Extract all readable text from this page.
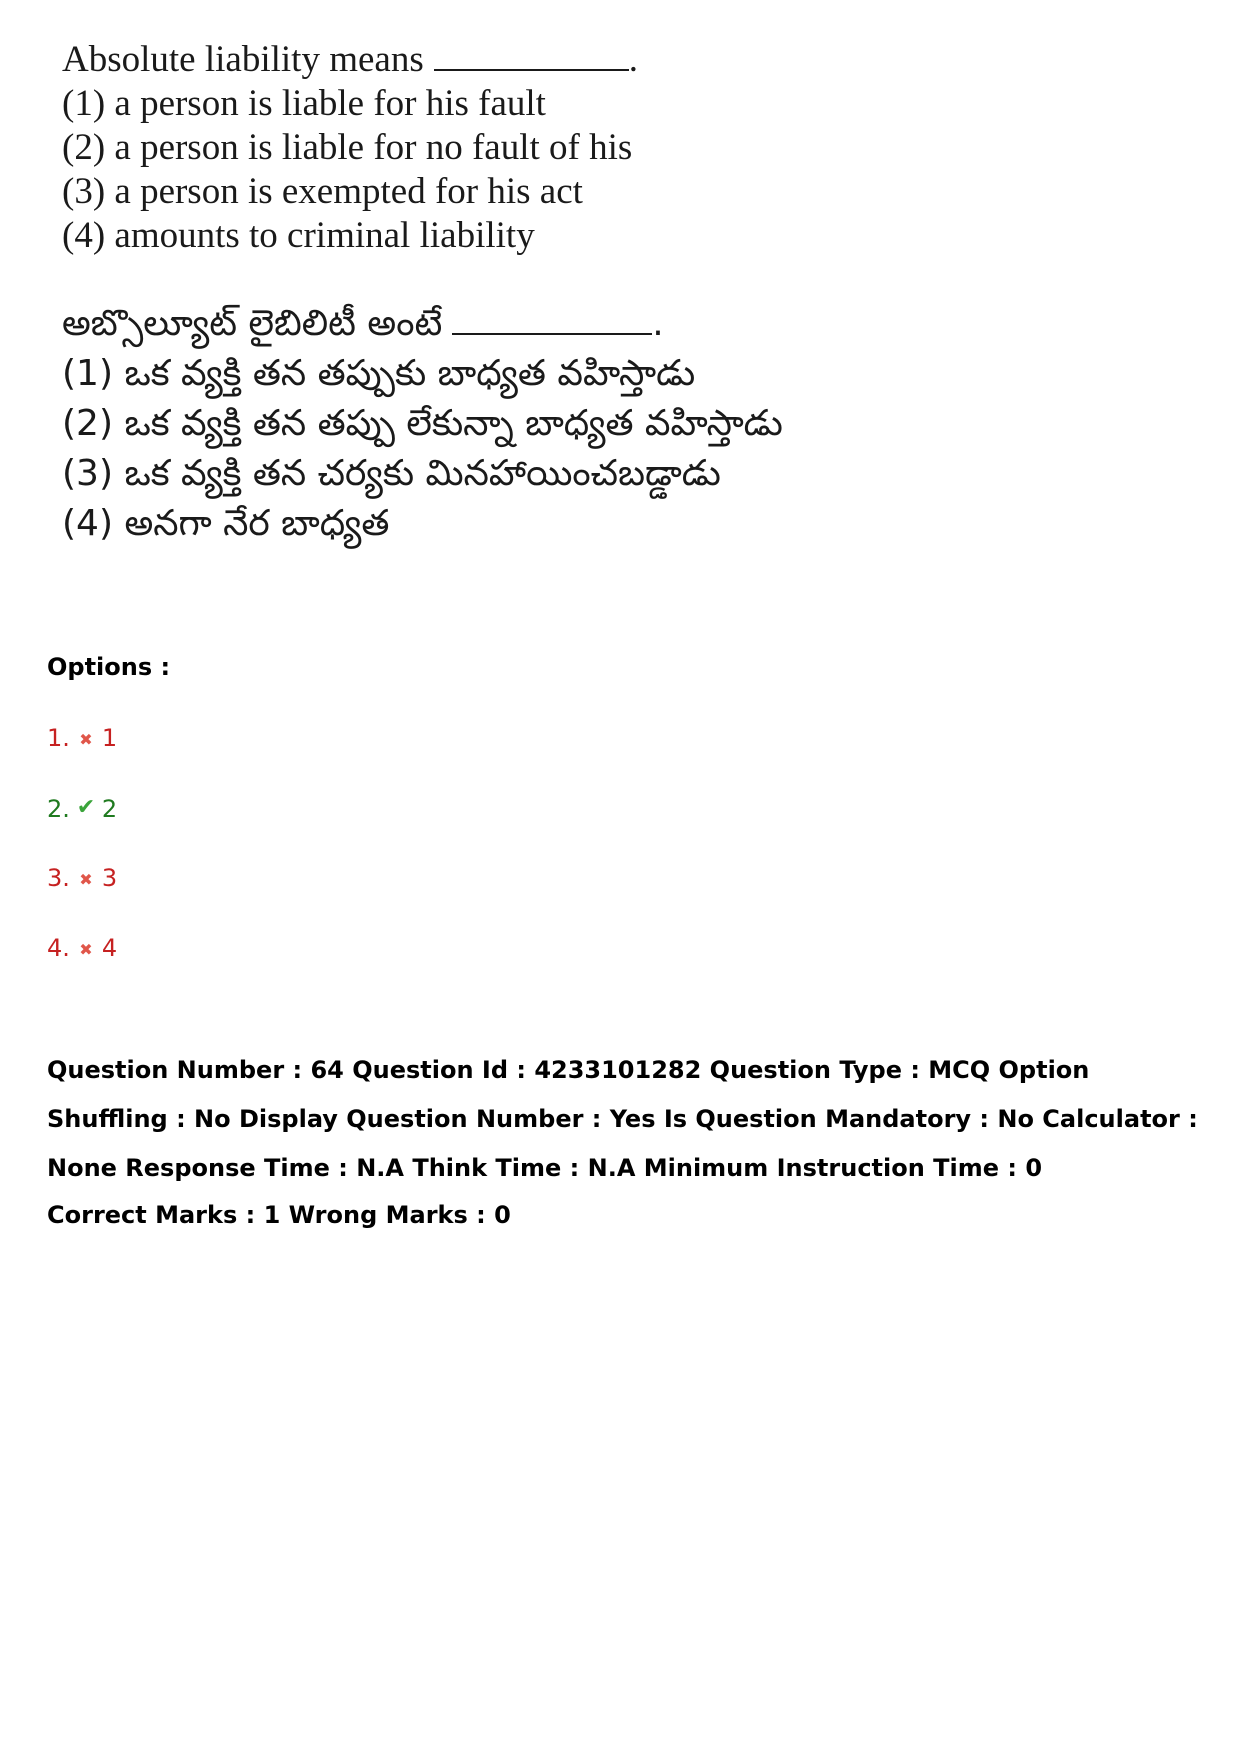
Absolute liability means	.
(1) a person is liable for his fault
(2) a person is liable for no fault of his
(3) a person is exempted for his act
(4) amounts to criminal liability
అబ్సొల్యూట్ లైబిలిటీ అంటే	.
(1) ఒక వ్యక్తి తన తప్పుకు బాధ్యత వహిస్తాడు
(2) ఒక వ్యక్తి తన తప్పు లేకున్నా బాధ్యత వహిస్తాడు
(3) ఒక వ్యక్తి తన చర్యకు మినహాయించబడ్డాడు
(4) అనగా నేర బాధ్యత
Options :
1. ✖ 1
2. ✔ 2
3. ✖ 3
4. ✖ 4
Question Number : 64 Question Id : 4233101282 Question Type : MCQ Option Shuffling : No Display Question Number : Yes Is Question Mandatory : No Calculator : None Response Time : N.A Think Time : N.A Minimum Instruction Time : 0
Correct Marks : 1 Wrong Marks : 0
